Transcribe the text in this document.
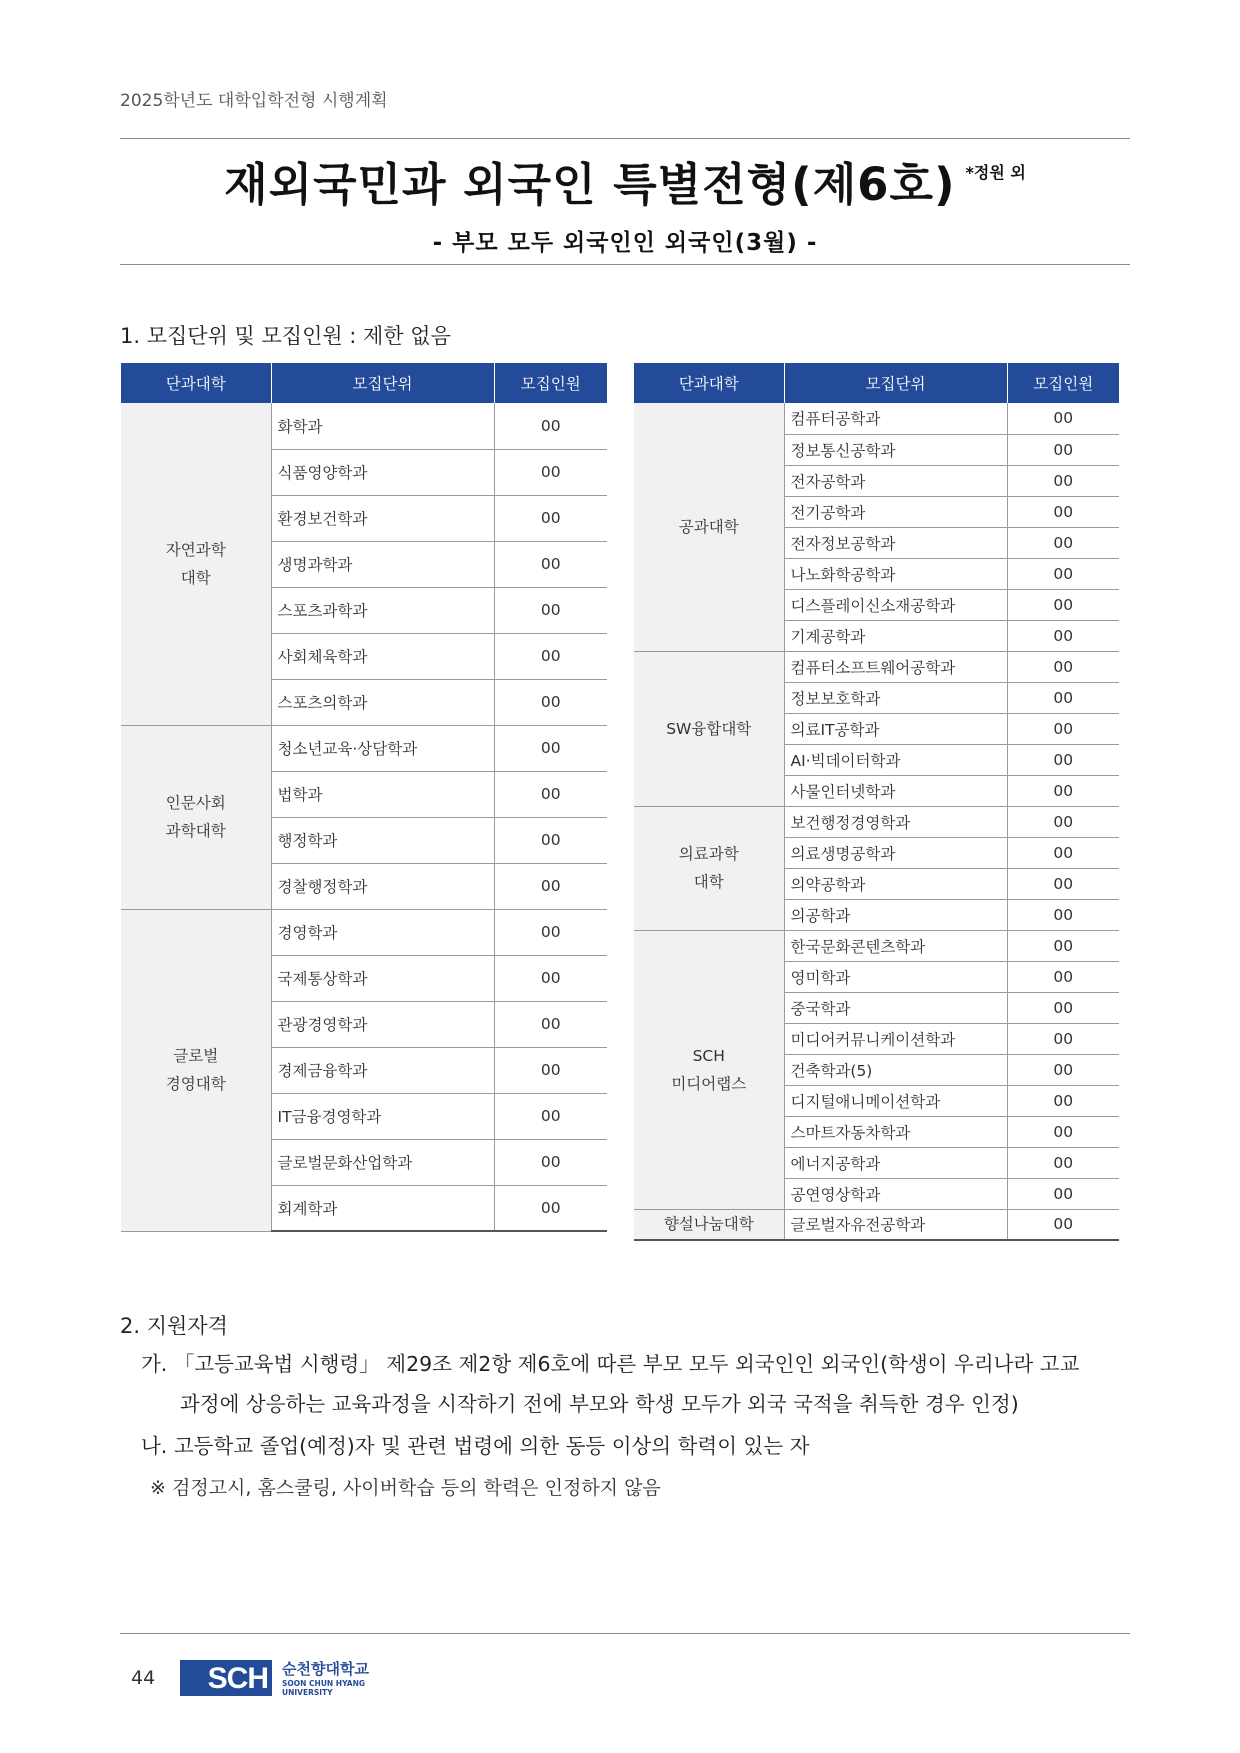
2025학년도 대학입학전형 시행계획
재외국민과 외국인 특별전형(제6호) $^{*정원 외}$
- 부모 모두 외국인인 외국인(3월) -
1. 모집단위 및 모집인원 : 제한 없음
단과대학	모집단위	모집인원
자연과학
대학	화학과	00
	식품영양학과	00
	환경보건학과	00
	생명과학과	00
	스포츠과학과	00
	사회체육학과	00
	스포츠의학과	00
인문사회
과학대학	청소년교육·상담학과	00
	법학과	00
	행정학과	00
	경찰행정학과	00
글로벌
경영대학	경영학과	00
	국제통상학과	00
	관광경영학과	00
	경제금융학과	00
	IT금융경영학과	00
	글로벌문화산업학과	00
	회계학과	00
단과대학	모집단위	모집인원
공과대학	컴퓨터공학과	00
	정보통신공학과	00
	전자공학과	00
	전기공학과	00
	전자정보공학과	00
	나노화학공학과	00
	디스플레이신소재공학과	00
	기계공학과	00
SW융합대학	컴퓨터소프트웨어공학과	00
	정보보호학과	00
	의료IT공학과	00
	AI·빅데이터학과	00
	사물인터넷학과	00
의료과학
대학	보건행정경영학과	00
	의료생명공학과	00
	의약공학과	00
	의공학과	00
SCH
미디어랩스	한국문화콘텐츠학과	00
	영미학과	00
	중국학과	00
	미디어커뮤니케이션학과	00
	건축학과(5)	00
	디지털애니메이션학과	00
	스마트자동차학과	00
	에너지공학과	00
	공연영상학과	00
향설나눔대학	글로벌자유전공학과	00
2. 지원자격
가. 「고등교육법 시행령」 제29조 제2항 제6호에 따른 부모 모두 외국인인 외국인(학생이 우리나라 고교
과정에 상응하는 교육과정을 시작하기 전에 부모와 학생 모두가 외국 국적을 취득한 경우 인정)
나. 고등학교 졸업(예정)자 및 관련 법령에 의한 동등 이상의 학력이 있는 자
※ 검정고시, 홈스쿨링, 사이버학습 등의 학력은 인정하지 않음
44	SCH 순천향대학교
SOON CHUN HYANG
UNIVERSITY
